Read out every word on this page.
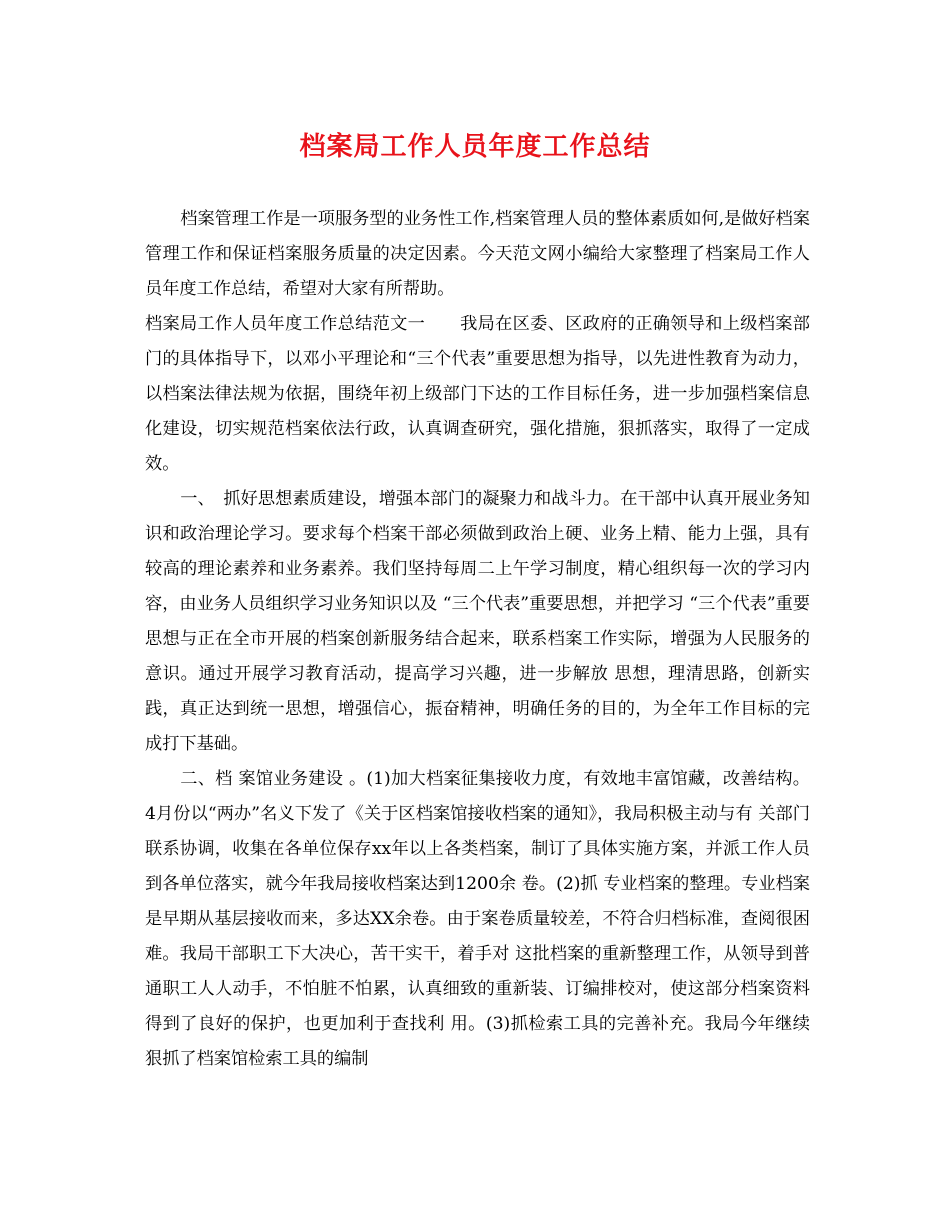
档案局工作人员年度工作总结

档案管理工作是一项服务型的业务性工作,档案管理人员的整体素质如何,是做好档案管理工作和保证档案服务质量的决定因素。今天范文网小编给大家整理了档案局工作人员年度工作总结，希望对大家有所帮助。

档案局工作人员年度工作总结范文一　　我局在区委、区政府的正确领导和上级档案部门的具体指导下，以邓小平理论和“三个代表”重要思想为指导，以先进性教育为动力，以档案法律法规为依据，围绕年初上级部门下达的工作目标任务，进一步加强档案信息化建设，切实规范档案依法行政，认真调查研究，强化措施，狠抓落实，取得了一定成效。

一、　抓好思想素质建设，增强本部门的凝聚力和战斗力。在干部中认真开展业务知识和政治理论学习。要求每个档案干部必须做到政治上硬、业务上精、能力上强，具有 较高的理论素养和业务素养。我们坚持每周二上午学习制度，精心组织每一次的学习内容，由业务人员组织学习业务知识以及 “三个代表”重要思想，并把学习 “三个代表”重要思想与正在全市开展的档案创新服务结合起来，联系档案工作实际，增强为人民服务的意识。通过开展学习教育活动，提高学习兴趣，进一步解放 思想，理清思路，创新实践，真正达到统一思想，增强信心，振奋精神，明确任务的目的，为全年工作目标的完成打下基础。

二、档 案馆业务建设 。(1)加大档案征集接收力度，有效地丰富馆藏，改善结构。4月份以“两办”名义下发了《关于区档案馆接收档案的通知》，我局积极主动与有 关部门联系协调，收集在各单位保存xx年以上各类档案，制订了具体实施方案，并派工作人员到各单位落实，就今年我局接收档案达到1200余 卷。(2)抓 专业档案的整理。专业档案是早期从基层接收而来，多达XX余卷。由于案卷质量较差，不符合归档标准，查阅很困难。我局干部职工下大决心，苦干实干，着手对 这批档案的重新整理工作，从领导到普通职工人人动手，不怕脏不怕累，认真细致的重新装、订编排校对，使这部分档案资料得到了良好的保护，也更加利于查找利 用。(3)抓检索工具的完善补充。我局今年继续狠抓了档案馆检索工具的编制
